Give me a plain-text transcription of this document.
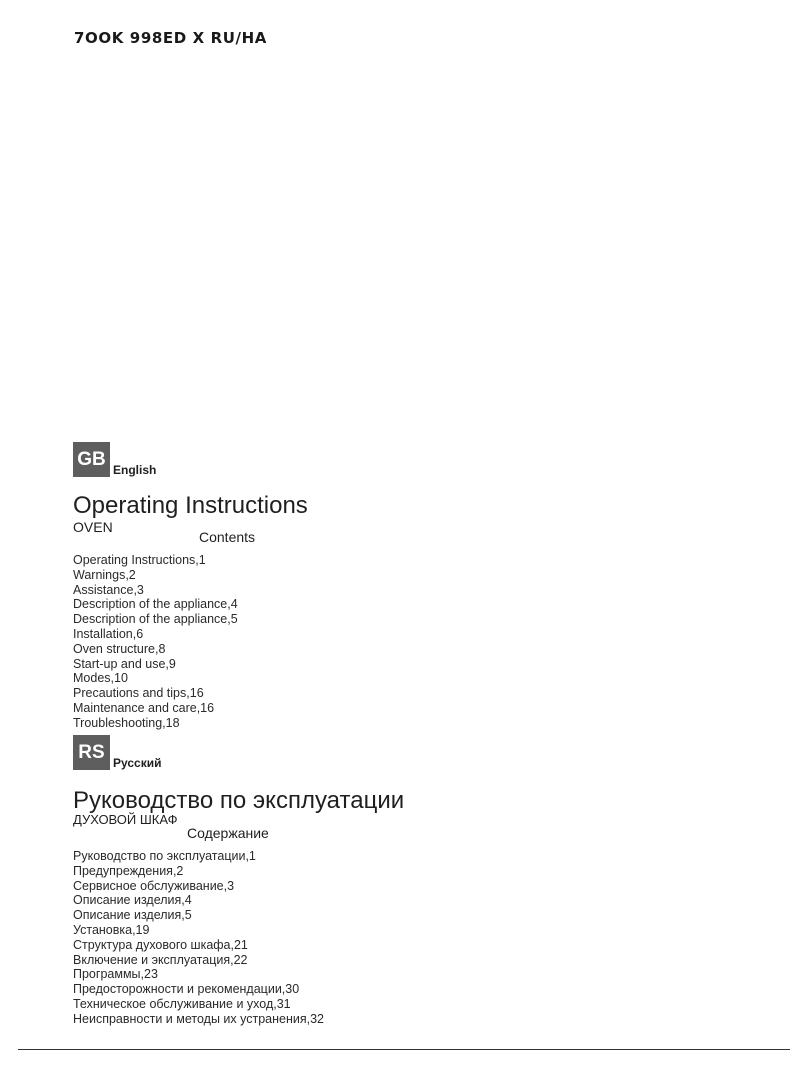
7OOK 998ED X RU/HA
GB
English
Operating Instructions
OVEN
Contents
Operating Instructions,1
Warnings,2
Assistance,3
Description of the appliance,4
Description of the appliance,5
Installation,6
Oven structure,8
Start-up and use,9
Modes,10
Precautions and tips,16
Maintenance and care,16
Troubleshooting,18
RS
Русский
Руководство по эксплуатации
ДУХОВОЙ ШКАФ
Содержание
Руководство по эксплуатации,1
Предупреждения,2
Сервисное обслуживание,3
Описание изделия,4
Описание изделия,5
Установка,19
Структура духового шкафа,21
Включение и эксплуатация,22
Программы,23
Предосторожности и рекомендации,30
Техническое обслуживание и уход,31
Неисправности и методы их устранения,32
